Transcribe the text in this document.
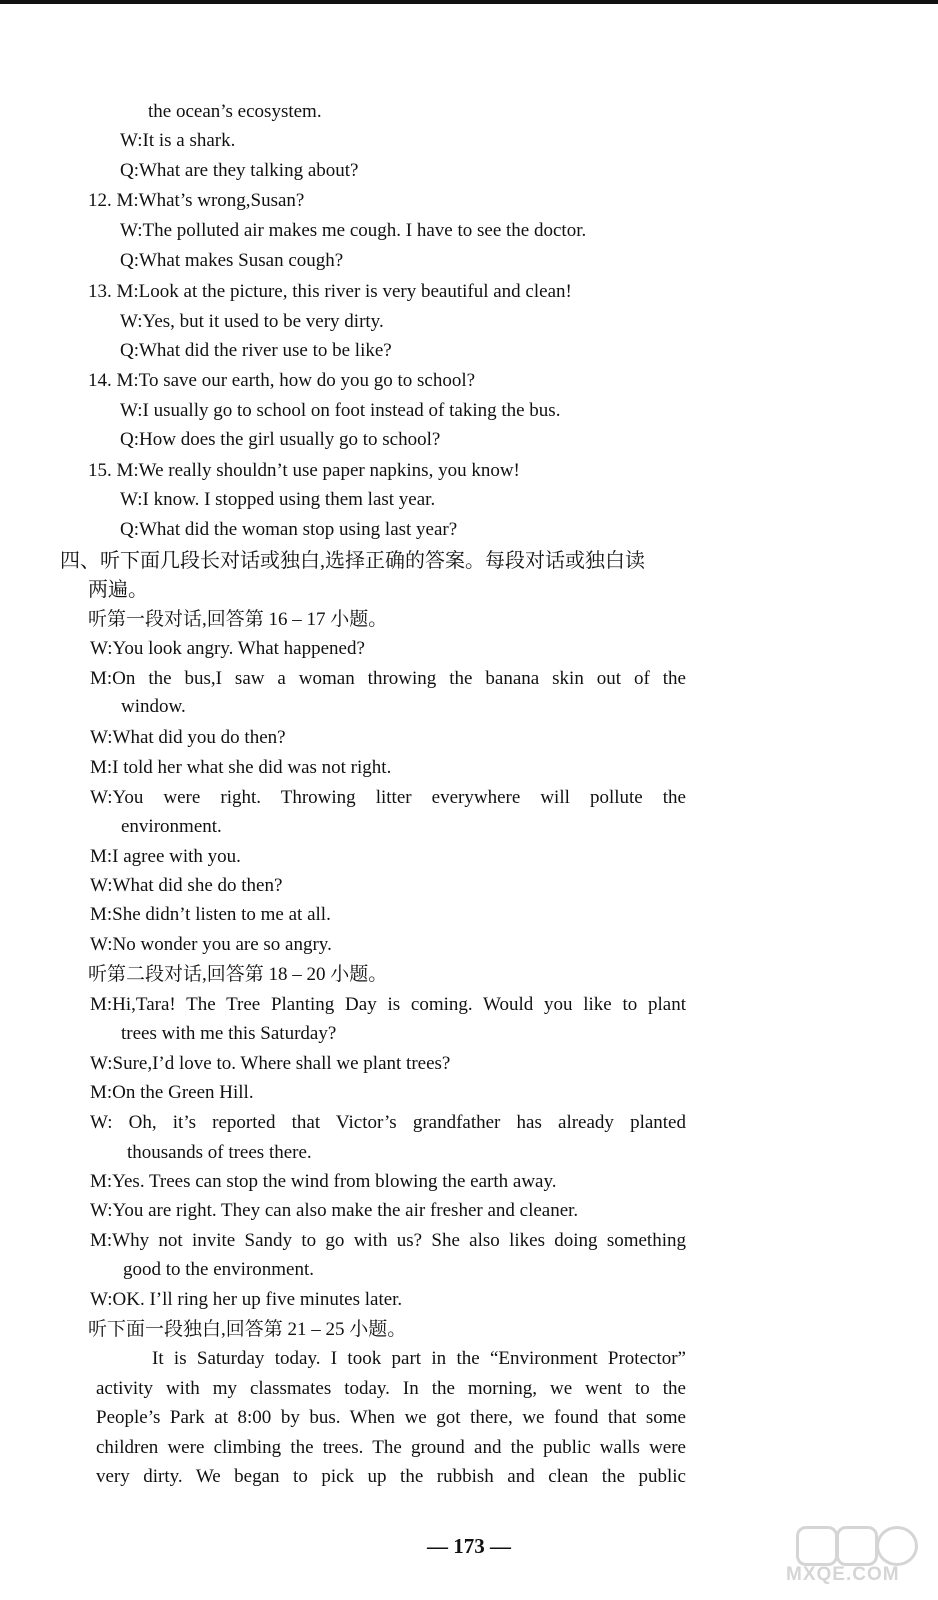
the ocean’s ecosystem.
W:It is a shark.
Q:What are they talking about?
12. M:What’s wrong,Susan?
W:The polluted air makes me cough. I have to see the doctor.
Q:What makes Susan cough?
13. M:Look at the picture, this river is very beautiful and clean!
W:Yes, but it used to be very dirty.
Q:What did the river use to be like?
14. M:To save our earth, how do you go to school?
W:I usually go to school on foot instead of taking the bus.
Q:How does the girl usually go to school?
15. M:We really shouldn’t use paper napkins, you know!
W:I know. I stopped using them last year.
Q:What did the woman stop using last year?
四、听下面几段长对话或独白,选择正确的答案。每段对话或独白读
两遍。
听第一段对话,回答第 16 – 17 小题。
W:You look angry. What happened?
M:On the bus,I saw a woman throwing the banana skin out of the
window.
W:What did you do then?
M:I told her what she did was not right.
W:You were right. Throwing litter everywhere will pollute the
environment.
M:I agree with you.
W:What did she do then?
M:She didn’t listen to me at all.
W:No wonder you are so angry.
听第二段对话,回答第 18 – 20 小题。
M:Hi,Tara! The Tree Planting Day is coming. Would you like to plant
trees with me this Saturday?
W:Sure,I’d love to. Where shall we plant trees?
M:On the Green Hill.
W: Oh, it’s reported that Victor’s grandfather has already planted
thousands of trees there.
M:Yes. Trees can stop the wind from blowing the earth away.
W:You are right. They can also make the air fresher and cleaner.
M:Why not invite Sandy to go with us? She also likes doing something
good to the environment.
W:OK. I’ll ring her up five minutes later.
听下面一段独白,回答第 21 – 25 小题。
It is Saturday today. I took part in the “Environment Protector”
activity with my classmates today. In the morning, we went to the
People’s Park at 8:00 by bus. When we got there, we found that some
children were climbing the trees. The ground and the public walls were
very dirty. We began to pick up the rubbish and clean the public
— 173 —
MXQE.COM
